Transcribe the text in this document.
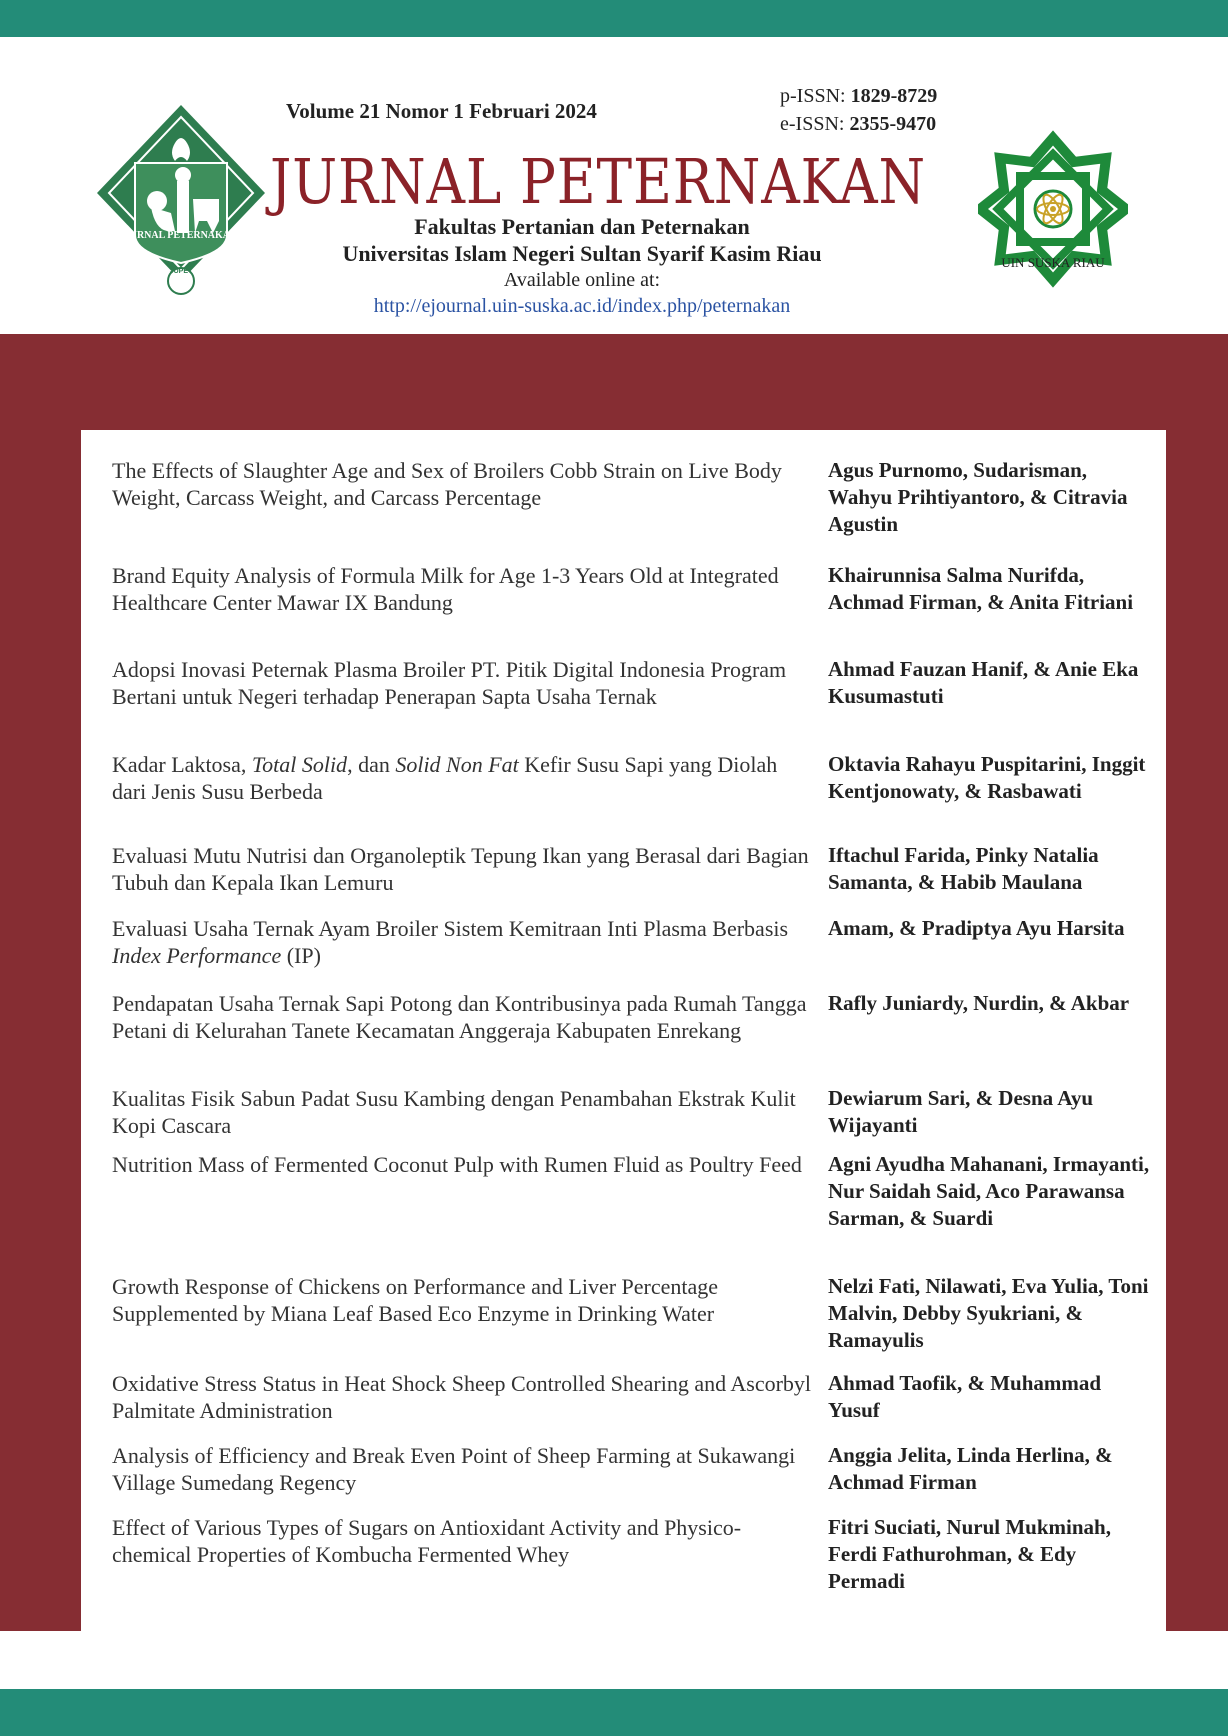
JURNAL PETERNAKAN
JUPET
Volume 21 Nomor 1 Februari 2024
p-ISSN: 1829-8729
e-ISSN: 2355-9470
JURNAL PETERNAKAN
Fakultas Pertanian dan Peternakan
Universitas Islam Negeri Sultan Syarif Kasim Riau
Available online at:
http://ejournal.uin-suska.ac.id/index.php/peternakan
UIN SUSKA RIAU
The Effects of Slaughter Age and Sex of Broilers Cobb Strain on Live Body Weight, Carcass Weight, and Carcass Percentage
Agus Purnomo, Sudarisman, Wahyu Prihtiyantoro, & Citravia Agustin
Brand Equity Analysis of Formula Milk for Age 1-3 Years Old at Integrated Healthcare Center Mawar IX Bandung
Khairunnisa Salma Nurifda, Achmad Firman, & Anita Fitriani
Adopsi Inovasi Peternak Plasma Broiler PT. Pitik Digital Indonesia Program Bertani untuk Negeri terhadap Penerapan Sapta Usaha Ternak
Ahmad Fauzan Hanif, & Anie Eka Kusumastuti
Kadar Laktosa, Total Solid, dan Solid Non Fat Kefir Susu Sapi yang Diolah dari Jenis Susu Berbeda
Oktavia Rahayu Puspitarini, Inggit Kentjonowaty, & Rasbawati
Evaluasi Mutu Nutrisi dan Organoleptik Tepung Ikan yang Berasal dari Bagian Tubuh dan Kepala Ikan Lemuru
Iftachul Farida, Pinky Natalia Samanta, & Habib Maulana
Evaluasi Usaha Ternak Ayam Broiler Sistem Kemitraan Inti Plasma Berbasis Index Performance (IP)
Amam, & Pradiptya Ayu Harsita
Pendapatan Usaha Ternak Sapi Potong dan Kontribusinya pada Rumah Tangga Petani di Kelurahan Tanete Kecamatan Anggeraja Kabupaten Enrekang
Rafly Juniardy, Nurdin, & Akbar
Kualitas Fisik Sabun Padat Susu Kambing dengan Penambahan Ekstrak Kulit Kopi Cascara
Dewiarum Sari, & Desna Ayu Wijayanti
Nutrition Mass of Fermented Coconut Pulp with Rumen Fluid as Poultry Feed	Agni Ayudha Mahanani, Irmayanti, Nur Saidah Said, Aco Parawansa Sarman, & Suardi
Growth Response of Chickens on Performance and Liver Percentage Supplemented by Miana Leaf Based Eco Enzyme in Drinking Water
Nelzi Fati, Nilawati, Eva Yulia, Toni Malvin, Debby Syukriani, & Ramayulis
Oxidative Stress Status in Heat Shock Sheep Controlled Shearing and Ascorbyl Palmitate Administration
Ahmad Taofik, & Muhammad Yusuf
Analysis of Efficiency and Break Even Point of Sheep Farming at Sukawangi Village Sumedang Regency
Anggia Jelita, Linda Herlina, & Achmad Firman
Effect of Various Types of Sugars on Antioxidant Activity and Physico-chemical Properties of Kombucha Fermented Whey
Fitri Suciati, Nurul Mukminah, Ferdi Fathurohman, & Edy Permadi
